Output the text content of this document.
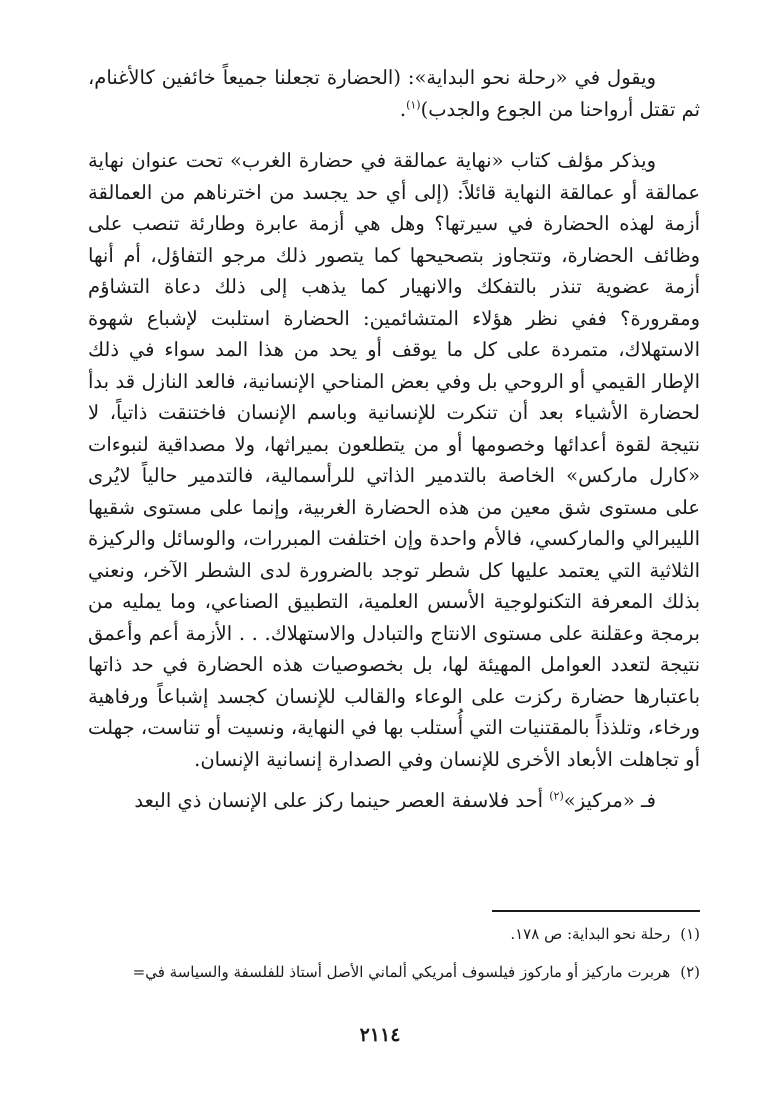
ويقول في «رحلة نحو البداية»: (الحضارة تجعلنا جميعاً خائفين كالأغنام، ثم تقتل أرواحنا من الجوع والجدب)$^{(١)}$.

ويذكر مؤلف كتاب «نهاية عمالقة في حضارة الغرب» تحت عنوان نهاية عمالقة أو عمالقة النهاية قائلاً: (إلى أي حد يجسد من اخترناهم من العمالقة أزمة لهذه الحضارة في سيرتها؟ وهل هي أزمة عابرة وطارئة تنصب على وظائف الحضارة، وتتجاوز بتصحيحها كما يتصور ذلك مرجو التفاؤل، أم أنها أزمة عضوية تنذر بالتفكك والانهيار كما يذهب إلى ذلك دعاة التشاؤم ومقرورة؟ ففي نظر هؤلاء المتشائمين: الحضارة استلبت لإشباع شهوة الاستهلاك، متمردة على كل ما يوقف أو يحد من هذا المد سواء في ذلك الإطار القيمي أو الروحي بل وفي بعض المناحي الإنسانية، فالعد النازل قد بدأ لحضارة الأشياء بعد أن تنكرت للإنسانية وباسم الإنسان فاختنقت ذاتياً، لا نتيجة لقوة أعدائها وخصومها أو من يتطلعون بميراثها، ولا مصداقية لنبوءات «كارل ماركس» الخاصة بالتدمير الذاتي للرأسمالية، فالتدمير حالياً لايُرى على مستوى شق معين من هذه الحضارة الغربية، وإنما على مستوى شقيها الليبرالي والماركسي، فالأم واحدة وإن اختلفت المبررات، والوسائل والركيزة الثلاثية التي يعتمد عليها كل شطر توجد بالضرورة لدى الشطر الآخر، ونعني بذلك المعرفة التكنولوجية الأسس العلمية، التطبيق الصناعي، وما يمليه من برمجة وعقلنة على مستوى الانتاج والتبادل والاستهلاك. . . الأزمة أعم وأعمق نتيجة لتعدد العوامل المهيئة لها، بل بخصوصيات هذه الحضارة في حد ذاتها باعتبارها حضارة ركزت على الوعاء والقالب للإنسان كجسد إشباعاً ورفاهية ورخاء، وتلذذاً بالمقتنيات التي أُستلب بها في النهاية، ونسيت أو تناست، جهلت أو تجاهلت الأبعاد الأخرى للإنسان وفي الصدارة إنسانية الإنسان.

فـ «مركيز»$^{(٢)}$ أحد فلاسفة العصر حينما ركز على الإنسان ذي البعد

(١)رحلة نحو البداية: ص ١٧٨.

(٢)هربرت ماركيز أو ماركوز فيلسوف أمريكي ألماني الأصل أستاذ للفلسفة والسياسة في=

٢١١٤
